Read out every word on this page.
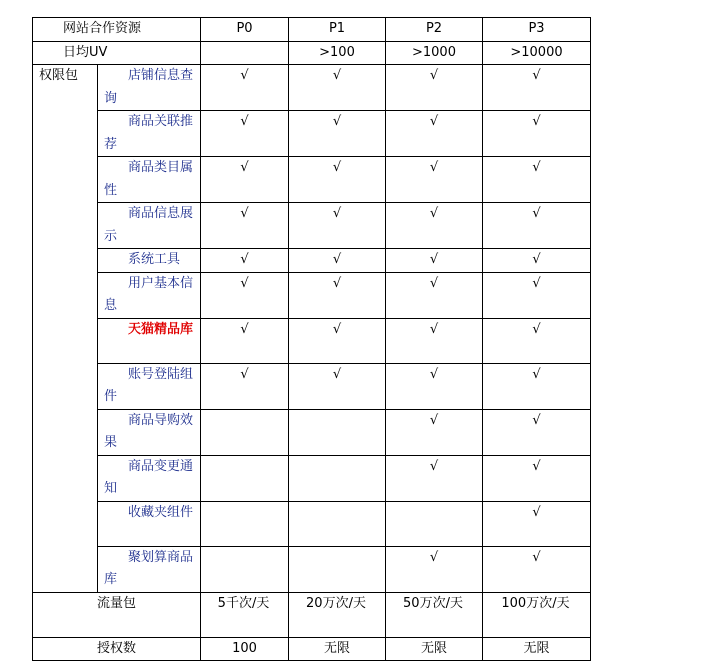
网站合作资源		P0	P1	P2	P3
日均UV			>100	>1000	>10000
权限包	店铺信息查询	√	√	√	√
	商品关联推荐	√	√	√	√
	商品类目属性	√	√	√	√
	商品信息展示	√	√	√	√
	系统工具	√	√	√	√
	用户基本信息	√	√	√	√
	天猫精品库	√	√	√	√
	账号登陆组件	√	√	√	√
	商品导购效果			√	√
	商品变更通知			√	√
	收藏夹组件				√
	聚划算商品库			√	√
流量包		5千次/天	20万次/天	50万次/天	100万次/天
授权数		100	无限	无限	无限
